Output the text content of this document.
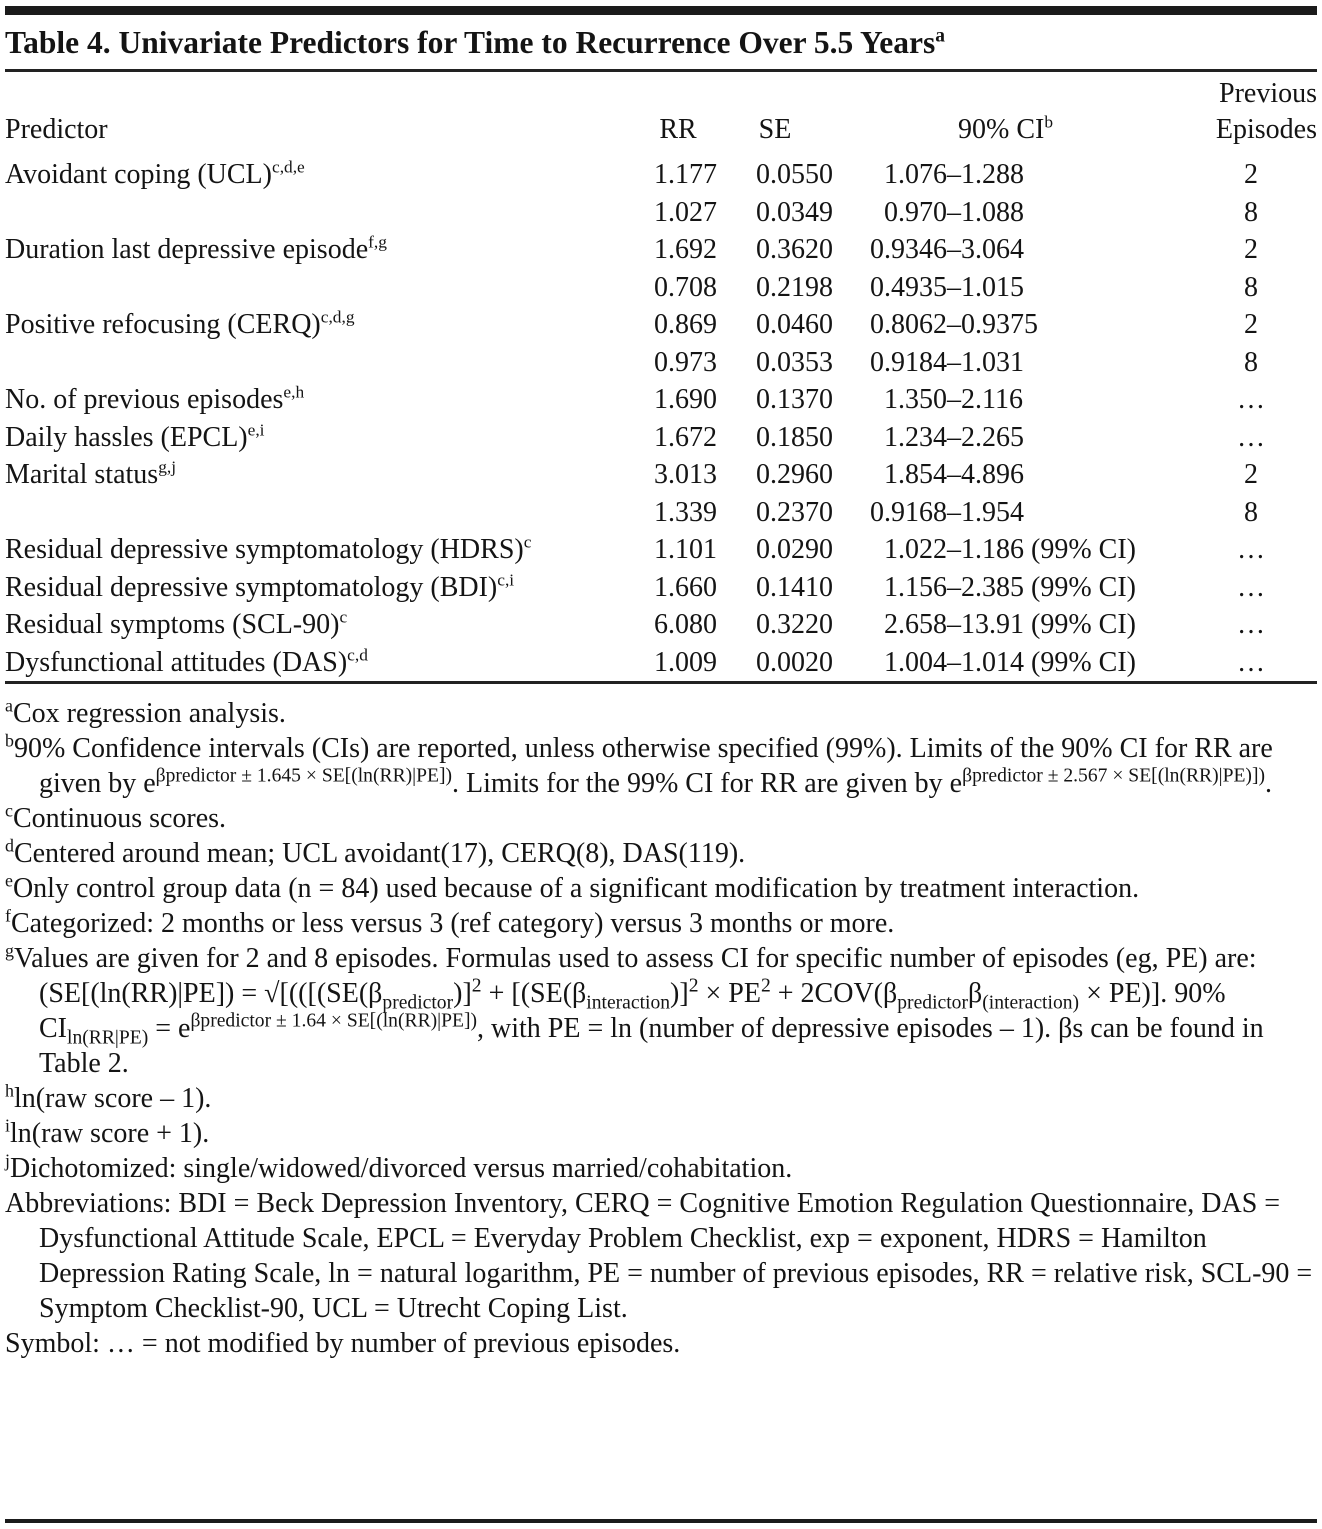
Table 4. Univariate Predictors for Time to Recurrence Over 5.5 Years$^a$
Predictor	RR	SE	90% $CI^b$	Previous
Episodes

Avoidant coping (UCL)$^{c,d,e}$	1.177	0.0550	1.076–1.288	2
	1.027	0.0349	0.970–1.088	8
Duration last depressive episode$^{f,g}$	1.692	0.3620	0.9346–3.064	2
	0.708	0.2198	0.4935–1.015	8
Positive refocusing (CERQ)$^{c,d,g}$	0.869	0.0460	0.8062–0.9375	2
	0.973	0.0353	0.9184–1.031	8
No. of previous episodes$^{e,h}$	1.690	0.1370	1.350–2.116	…
Daily hassles (EPCL)$^{e,i}$	1.672	0.1850	1.234–2.265	…
Marital status$^{g,j}$	3.013	0.2960	1.854–4.896	2
	1.339	0.2370	0.9168–1.954	8
Residual depressive symptomatology (HDRS)$^c$	1.101	0.0290	1.022–1.186 (99% CI)	…
Residual depressive symptomatology (BDI)$^{c,i}$	1.660	0.1410	1.156–2.385 (99% CI)	…
Residual symptoms $(SCL-90)^c$	6.080	0.3220	2.658–13.91 (99% CI)	…
Dysfunctional attitudes (DAS)$^{c,d}$	1.009	0.0020	1.004–1.014 (99% CI)	…

$^a$Cox regression analysis.

$^b$90% Confidence intervals (CIs) are reported, unless otherwise specified (99%). Limits of the 90% CI for RR are given by $e^{\beta predictor \pm 1.645 \times SE[(ln(RR)|PE])}$. Limits for the 99% CI for RR are given by $e^{\beta predictor \pm 2.567 \times SE[(ln(RR)|PE)])}$.

$^c$Continuous scores.

$^d$Centered around mean; UCL avoidant(17), CERQ(8), DAS(119).

$^e$Only control group data (n = 84) used because of a significant modification by treatment interaction.

$^f$Categorized: 2 months or less versus 3 (ref category) versus 3 months or more.

$^g$Values are given for 2 and 8 episodes. Formulas used to assess CI for specific number of episodes (eg, PE) are: ($SE[(\ln(RR)|PE]) = √[(([(SE(\beta_{predictor})]^2 + [(SE(\beta_{interaction})]^2 \times PE^2 + 2COV(\beta_{predictor}\beta_{(interaction)} \times PE)]$. 90% $CI_{ln(RR|PE)} = e^{\beta predictor \pm 1.64 \times SE[(ln(RR)|PE])}$, with PE = ln (number of depressive episodes – 1). βs can be found in Table 2.

$^h$ln(raw score – 1).

$^i$ln(raw score + 1).

$^j$Dichotomized: single/widowed/divorced versus married/cohabitation.

Abbreviations: BDI = Beck Depression Inventory, CERQ = Cognitive Emotion Regulation Questionnaire, DAS = Dysfunctional Attitude Scale, EPCL = Everyday Problem Checklist, exp = exponent, HDRS = Hamilton Depression Rating Scale, ln = natural logarithm, PE = number of previous episodes, RR = relative risk, SCL-90 = Symptom Checklist-90, UCL = Utrecht Coping List.

Symbol: … = not modified by number of previous episodes.
